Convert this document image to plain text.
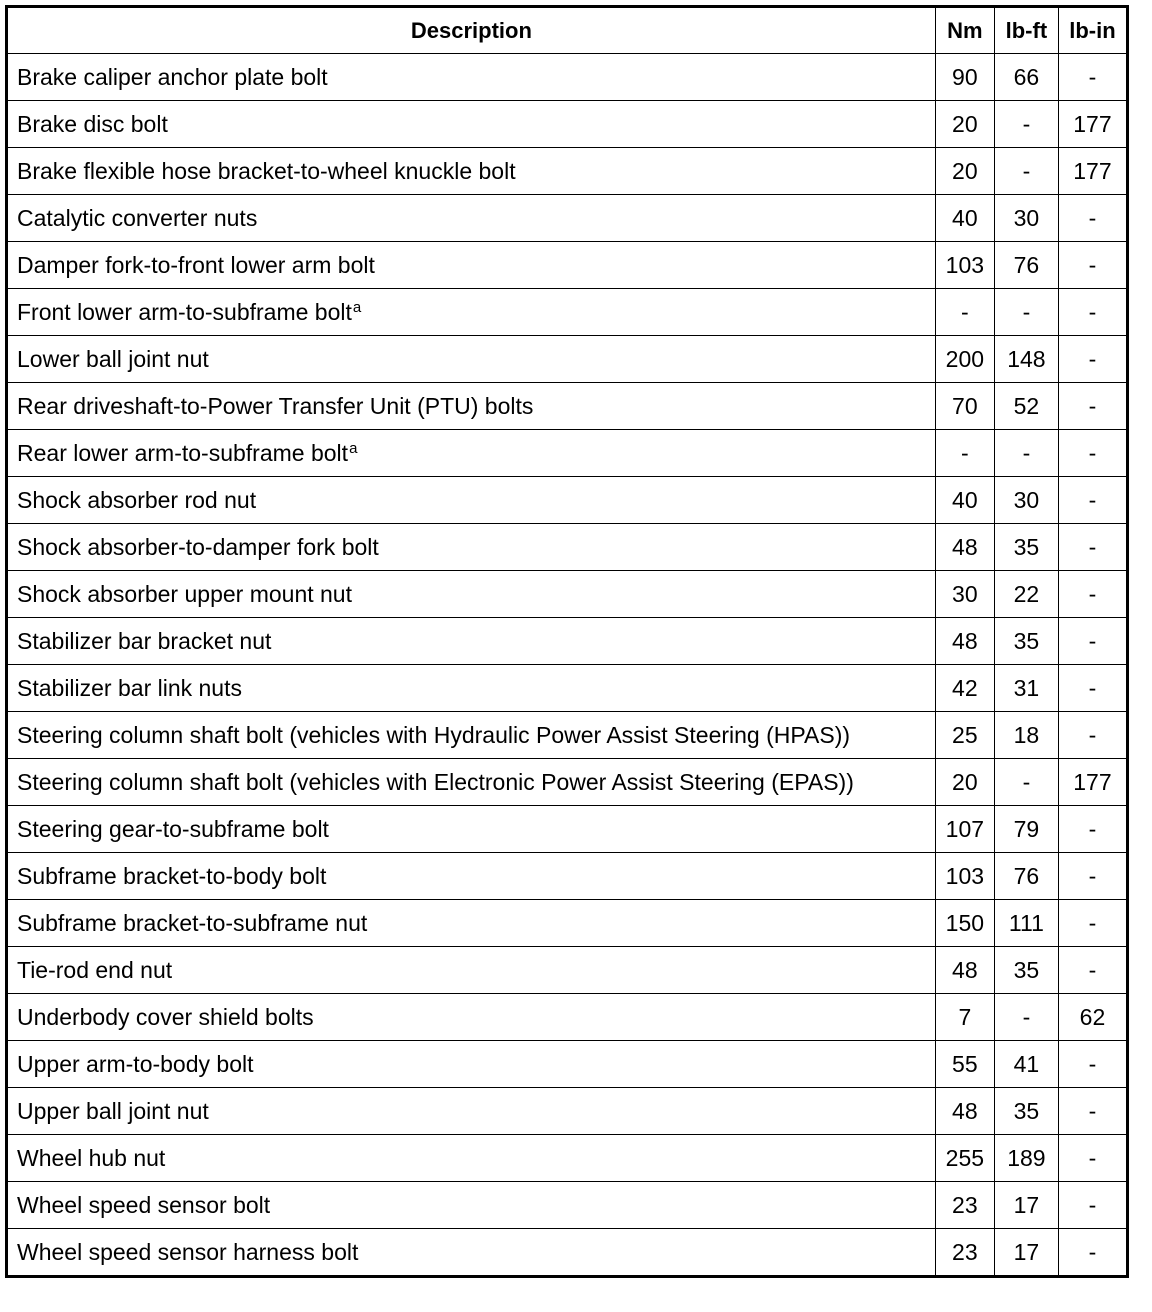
Description	Nm	lb-ft	lb-in
Brake caliper anchor plate bolt	90	66	-
Brake disc bolt	20	-	177
Brake flexible hose bracket-to-wheel knuckle bolt	20	-	177
Catalytic converter nuts	40	30	-
Damper fork-to-front lower arm bolt	103	76	-
Front lower arm-to-subframe bolt$^a$	-	-	-
Lower ball joint nut	200	148	-
Rear driveshaft-to-Power Transfer Unit (PTU) bolts	70	52	-
Rear lower arm-to-subframe bolt$^a$	-	-	-
Shock absorber rod nut	40	30	-
Shock absorber-to-damper fork bolt	48	35	-
Shock absorber upper mount nut	30	22	-
Stabilizer bar bracket nut	48	35	-
Stabilizer bar link nuts	42	31	-
Steering column shaft bolt (vehicles with Hydraulic Power Assist Steering (HPAS))	25	18	-
Steering column shaft bolt (vehicles with Electronic Power Assist Steering (EPAS))	20	-	177
Steering gear-to-subframe bolt	107	79	-
Subframe bracket-to-body bolt	103	76	-
Subframe bracket-to-subframe nut	150	111	-
Tie-rod end nut	48	35	-
Underbody cover shield bolts	7	-	62
Upper arm-to-body bolt	55	41	-
Upper ball joint nut	48	35	-
Wheel hub nut	255	189	-
Wheel speed sensor bolt	23	17	-
Wheel speed sensor harness bolt	23	17	-
